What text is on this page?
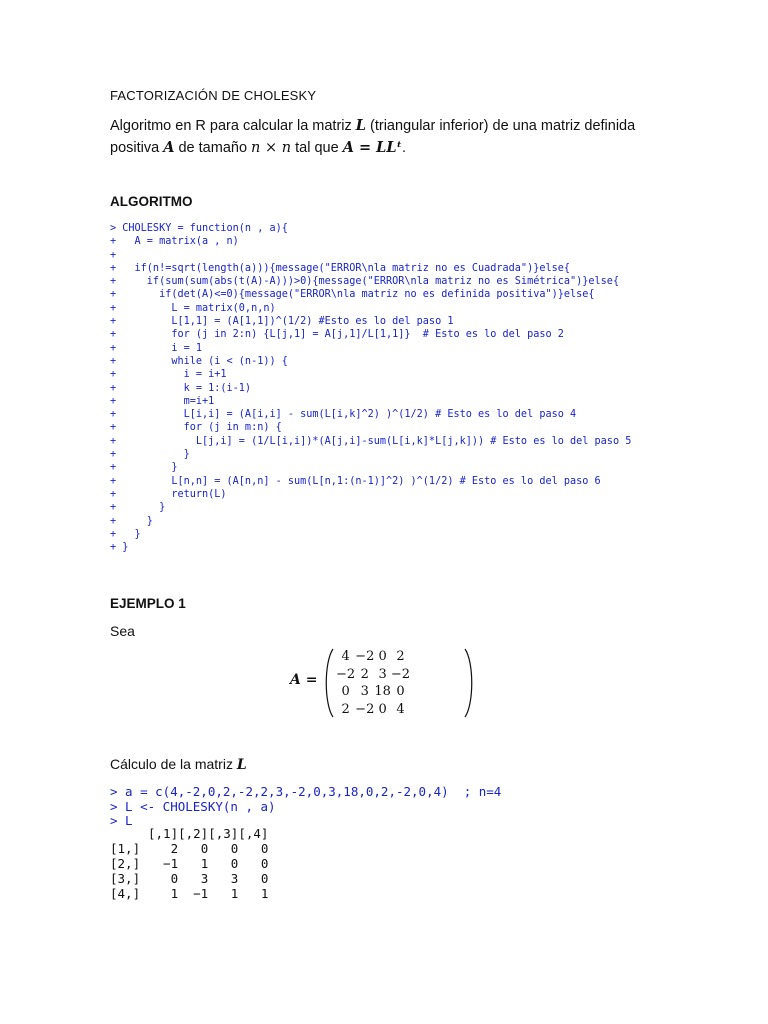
FACTORIZACIÓN DE CHOLESKY
Algoritmo en R para calcular la matriz L (triangular inferior) de una matriz definida positiva A de tamaño n × n tal que A = LLᵗ.
ALGORITMO
> CHOLESKY = function(n , a){
+   A = matrix(a , n)
+
+   if(n!=sqrt(length(a))){message("ERROR\nla matriz no es Cuadrada")}else{
+     if(sum(sum(abs(t(A)-A)))>0){message("ERROR\nla matriz no es Simétrica")}else{
+       if(det(A)<=0){message("ERROR\nla matriz no es definida positiva")}else{
+         L = matrix(0,n,n)
+         L[1,1] = (A[1,1])^(1/2) #Esto es lo del paso 1
+         for (j in 2:n) {L[j,1] = A[j,1]/L[1,1]}  # Esto es lo del paso 2
+         i = 1
+         while (i < (n-1)) {
+           i = i+1
+           k = 1:(i-1)
+           m=i+1
+           L[i,i] = (A[i,i] - sum(L[i,k]^2) )^(1/2) # Esto es lo del paso 4
+           for (j in m:n) {
+             L[j,i] = (1/L[i,i])*(A[j,i]-sum(L[i,k]*L[j,k])) # Esto es lo del paso 5
+           }
+         }
+         L[n,n] = (A[n,n] - sum(L[n,1:(n-1)]^2) )^(1/2) # Esto es lo del paso 6
+         return(L)
+       }
+     }
+   }
+ }
EJEMPLO 1
Sea
A =
4	−2	0	2
−2	2	3	−2
0	3	18	0
2	−2	0	4
Cálculo de la matriz L
> a = c(4,-2,0,2,-2,2,3,-2,0,3,18,0,2,-2,0,4)  ; n=4
> L <- CHOLESKY(n , a)
> L
	[,1]	[,2]	[,3]	[,4]
[1,]	2	0	0	0
[2,]	−1	1	0	0
[3,]	0	3	3	0
[4,]	1	−1	1	1
